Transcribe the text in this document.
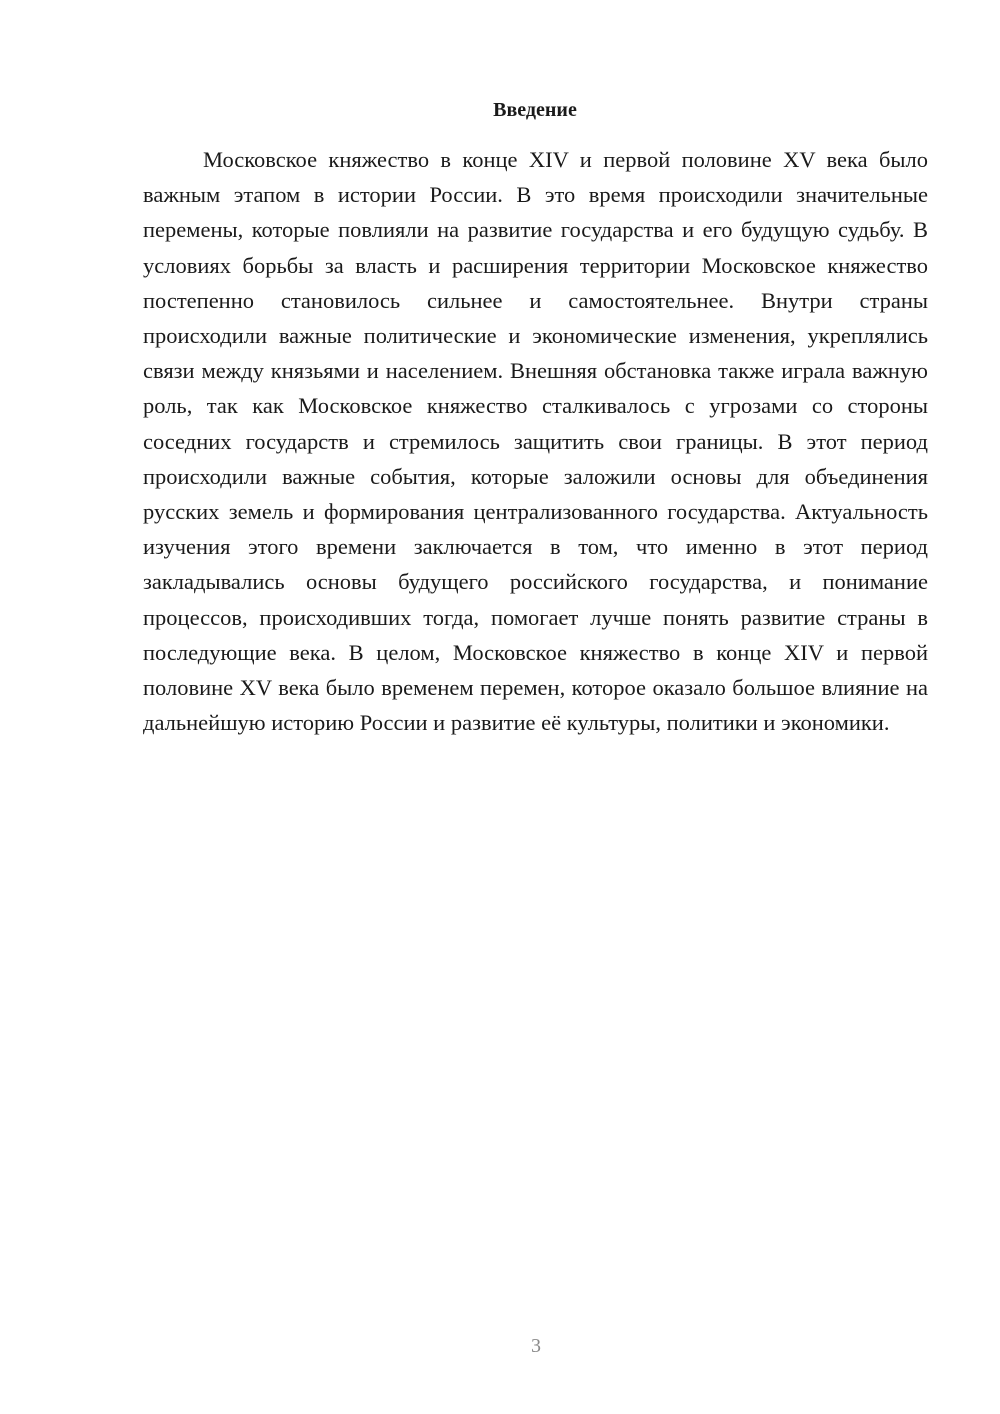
Введение

Московское княжество в конце XIV и первой половине XV века было важным этапом в истории России. В это время происходили значительные перемены, которые повлияли на развитие государства и его будущую судьбу. В условиях борьбы за власть и расширения территории Московское княжество постепенно становилось сильнее и самостоятельнее. Внутри страны происходили важные политические и экономические изменения, укреплялись связи между князьями и населением. Внешняя обстановка также играла важную роль, так как Московское княжество сталкивалось с угрозами со стороны соседних государств и стремилось защитить свои границы. В этот период происходили важные события, которые заложили основы для объединения русских земель и формирования централизованного государства. Актуальность изучения этого времени заключается в том, что именно в этот период закладывались основы будущего российского государства, и понимание процессов, происходивших тогда, помогает лучше понять развитие страны в последующие века. В целом, Московское княжество в конце XIV и первой половине XV века было временем перемен, которое оказало большое влияние на дальнейшую историю России и развитие её культуры, политики и экономики.

3
